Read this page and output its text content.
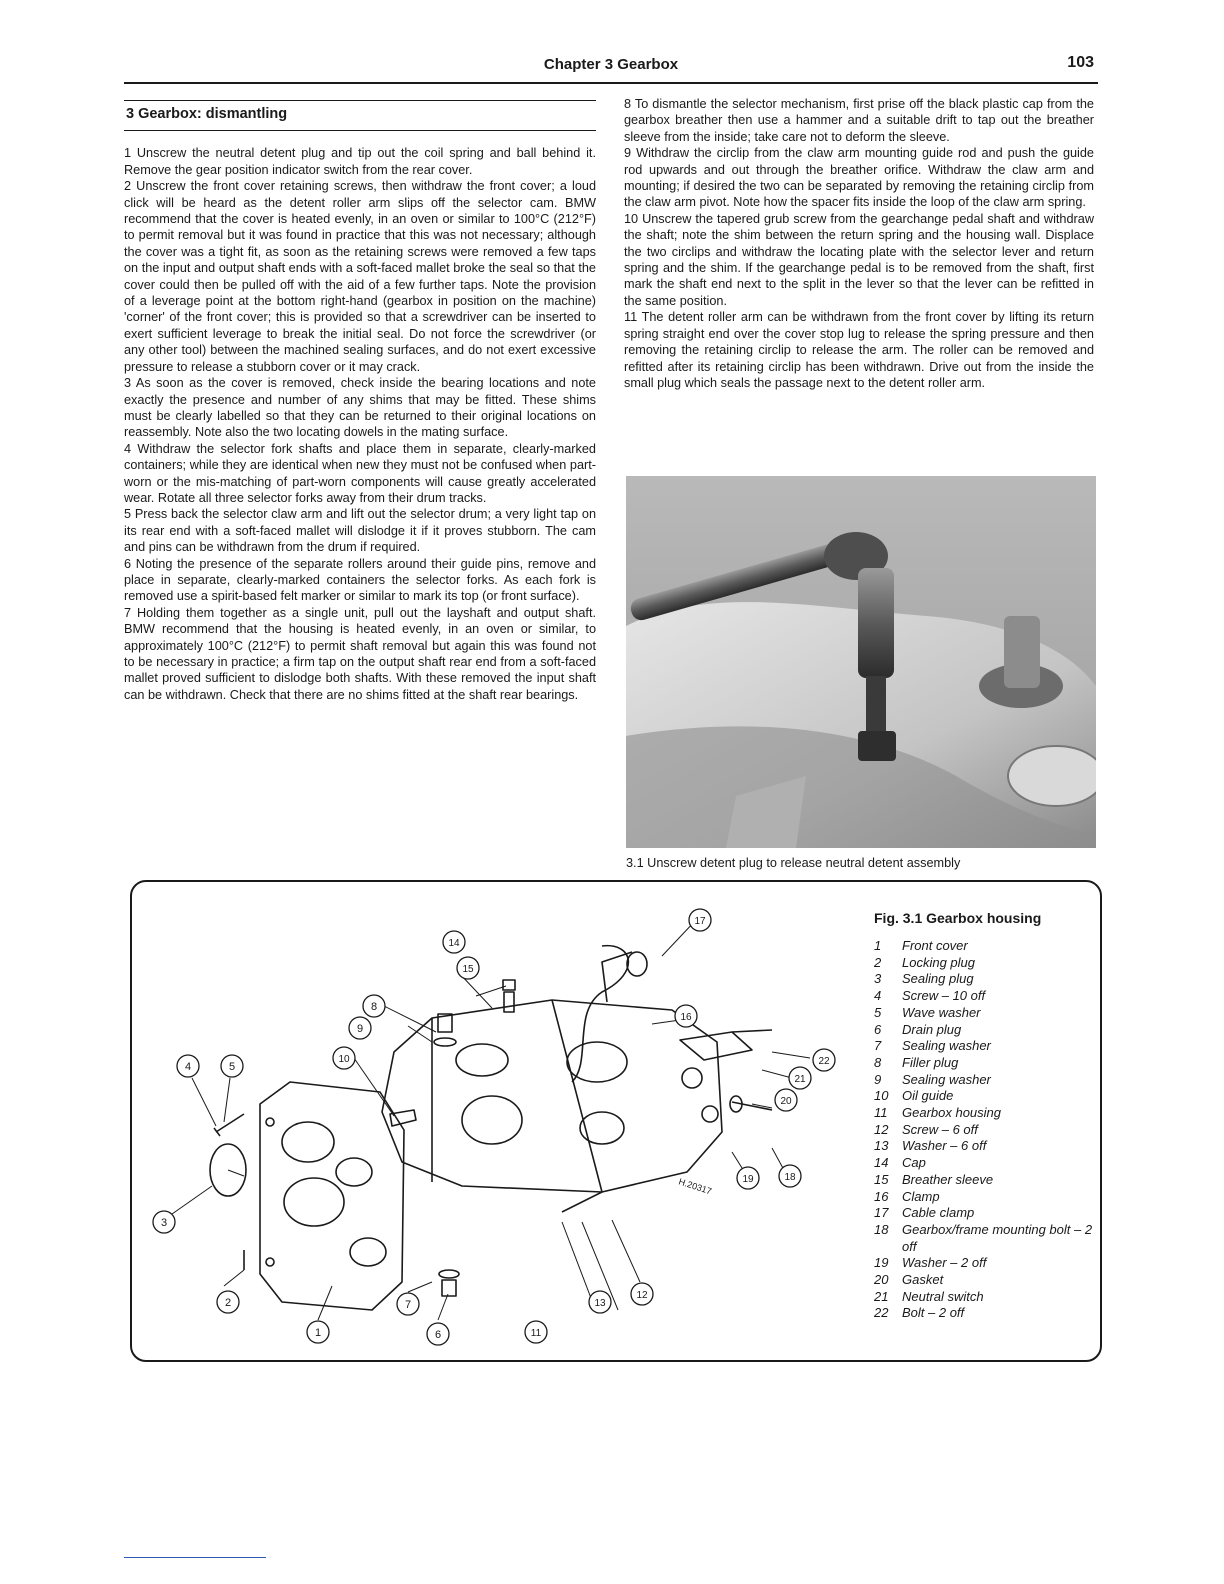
Chapter 3 Gearbox	103
3 Gearbox: dismantling

1 Unscrew the neutral detent plug and tip out the coil spring and ball behind it. Remove the gear position indicator switch from the rear cover.

2 Unscrew the front cover retaining screws, then withdraw the front cover; a loud click will be heard as the detent roller arm slips off the selector cam. BMW recommend that the cover is heated evenly, in an oven or similar to 100°C (212°F) to permit removal but it was found in practice that this was not necessary; although the cover was a tight fit, as soon as the retaining screws were removed a few taps on the input and output shaft ends with a soft-faced mallet broke the seal so that the cover could then be pulled off with the aid of a few further taps. Note the provision of a leverage point at the bottom right-hand (gearbox in position on the machine) 'corner' of the front cover; this is provided so that a screwdriver can be inserted to exert sufficient leverage to break the initial seal. Do not force the screwdriver (or any other tool) between the machined sealing surfaces, and do not exert excessive pressure to release a stubborn cover or it may crack.

3 As soon as the cover is removed, check inside the bearing locations and note exactly the presence and number of any shims that may be fitted. These shims must be clearly labelled so that they can be returned to their original locations on reassembly. Note also the two locating dowels in the mating surface.

4 Withdraw the selector fork shafts and place them in separate, clearly-marked containers; while they are identical when new they must not be confused when part-worn or the mis-matching of part-worn components will cause greatly accelerated wear. Rotate all three selector forks away from their drum tracks.

5 Press back the selector claw arm and lift out the selector drum; a very light tap on its rear end with a soft-faced mallet will dislodge it if it proves stubborn. The cam and pins can be withdrawn from the drum if required.

6 Noting the presence of the separate rollers around their guide pins, remove and place in separate, clearly-marked containers the selector forks. As each fork is removed use a spirit-based felt marker or similar to mark its top (or front surface).

7 Holding them together as a single unit, pull out the layshaft and output shaft. BMW recommend that the housing is heated evenly, in an oven or similar, to approximately 100°C (212°F) to permit shaft removal but again this was found not to be necessary in practice; a firm tap on the output shaft rear end from a soft-faced mallet proved sufficient to dislodge both shafts. With these removed the input shaft can be withdrawn. Check that there are no shims fitted at the shaft rear bearings.

8 To dismantle the selector mechanism, first prise off the black plastic cap from the gearbox breather then use a hammer and a suitable drift to tap out the breather sleeve from the inside; take care not to deform the sleeve.

9 Withdraw the circlip from the claw arm mounting guide rod and push the guide rod upwards and out through the breather orifice. Withdraw the claw arm and mounting; if desired the two can be separated by removing the retaining circlip from the claw arm pivot. Note how the spacer fits inside the loop of the claw arm spring.

10 Unscrew the tapered grub screw from the gearchange pedal shaft and withdraw the shaft; note the shim between the return spring and the housing wall. Displace the two circlips and withdraw the locating plate with the selector lever and return spring and the shim. If the gearchange pedal is to be removed from the shaft, first mark the shaft end next to the split in the lever so that the lever can be refitted in the same position.

11 The detent roller arm can be withdrawn from the front cover by lifting its return spring straight end over the cover stop lug to release the spring pressure and then removing the retaining circlip to release the arm. The roller can be removed and refitted after its retaining circlip has been withdrawn. Drive out from the inside the small plug which seals the passage next to the detent roller arm.

3.1 Unscrew detent plug to release neutral detent assembly
H.20317
1
2
3
4	5
6
7
8
9
10
11
12
13
14
15
16
17
18
19
20
21
22
Fig. 3.1 Gearbox housing
1	Front cover
2	Locking plug
3	Sealing plug
4	Screw – 10 off
5	Wave washer
6	Drain plug
7	Sealing washer
8	Filler plug
9	Sealing washer
10	Oil guide
11	Gearbox housing
12	Screw – 6 off
13	Washer – 6 off
14	Cap
15	Breather sleeve
16	Clamp
17	Cable clamp
18	Gearbox/frame mounting bolt – 2 off
19	Washer – 2 off
20	Gasket
21	Neutral switch
22	Bolt – 2 off
